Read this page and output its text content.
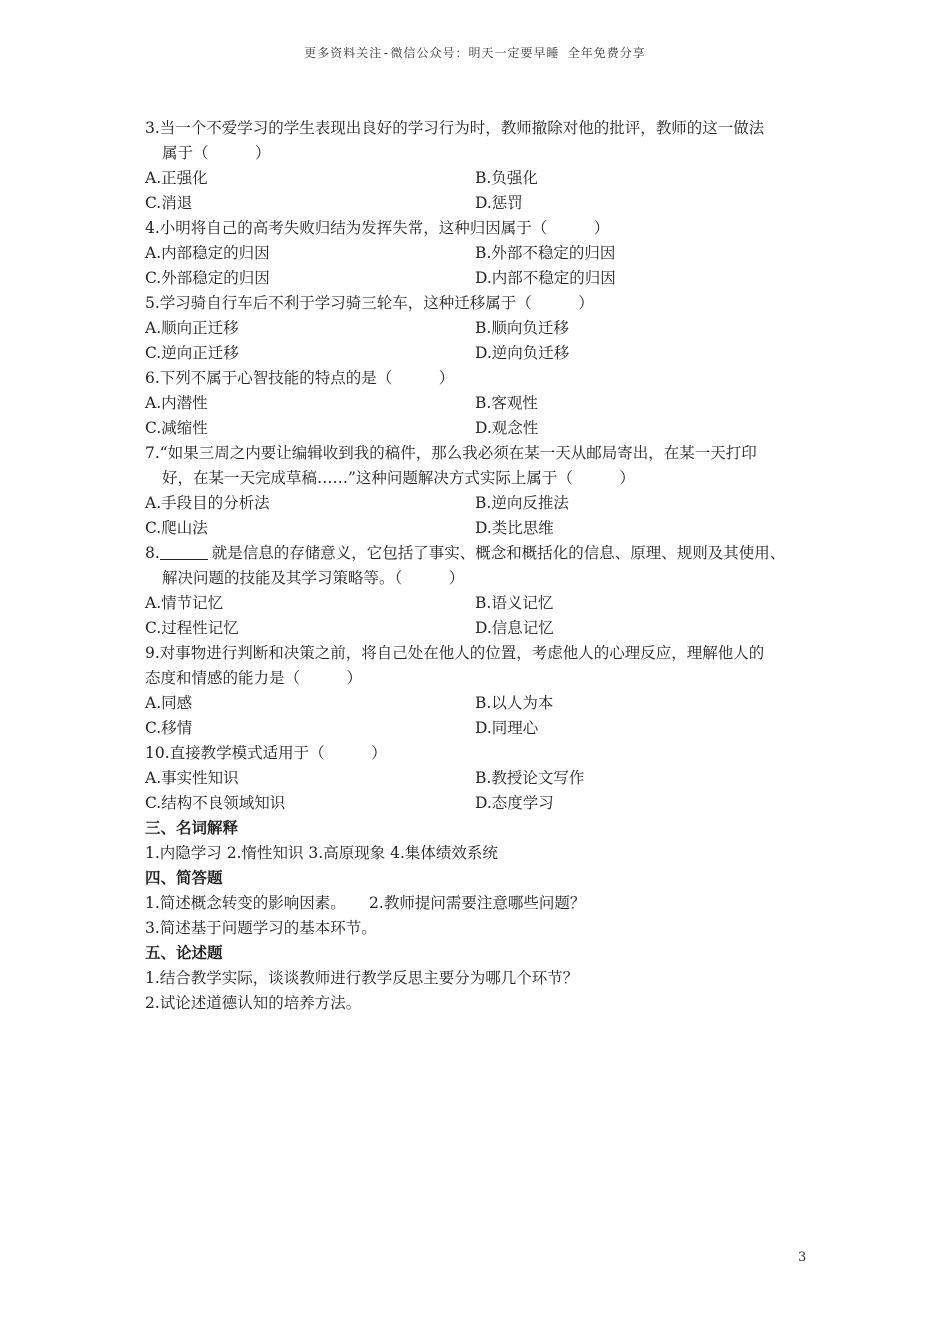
更多资料关注-微信公众号：明天一定要早睡 全年免费分享
3.当一个不爱学习的学生表现出良好的学习行为时，教师撤除对他的批评，教师的这一做法
属于（　　　）
A.正强化	B.负强化
C.消退	D.惩罚
4.小明将自己的高考失败归结为发挥失常，这种归因属于（　　　）
A.内部稳定的归因	B.外部不稳定的归因
C.外部稳定的归因	D.内部不稳定的归因
5.学习骑自行车后不利于学习骑三轮车，这种迁移属于（　　　）
A.顺向正迁移	B.顺向负迁移
C.逆向正迁移	D.逆向负迁移
6.下列不属于心智技能的特点的是（　　　）
A.内潜性	B.客观性
C.减缩性	D.观念性
7.“如果三周之内要让编辑收到我的稿件，那么我必须在某一天从邮局寄出，在某一天打印
好，在某一天完成草稿……”这种问题解决方式实际上属于（　　　）
A.手段目的分析法	B.逆向反推法
C.爬山法	D.类比思维
8.	就是信息的存储意义，它包括了事实、概念和概括化的信息、原理、规则及其使用、
解决问题的技能及其学习策略等。（　　　）
A.情节记忆	B.语义记忆
C.过程性记忆	D.信息记忆
9.对事物进行判断和决策之前，将自己处在他人的位置，考虑他人的心理反应，理解他人的
态度和情感的能力是（　　　）
A.同感	B.以人为本
C.移情	D.同理心
10.直接教学模式适用于（　　　）
A.事实性知识	B.教授论文写作
C.结构不良领域知识	D.态度学习
三、名词解释
1.内隐学习 2.惰性知识 3.高原现象 4.集体绩效系统
四、简答题
1.简述概念转变的影响因素。　　2.教师提问需要注意哪些问题？
3.简述基于问题学习的基本环节。
五、论述题
1.结合教学实际，谈谈教师进行教学反思主要分为哪几个环节？
2.试论述道德认知的培养方法。
3
